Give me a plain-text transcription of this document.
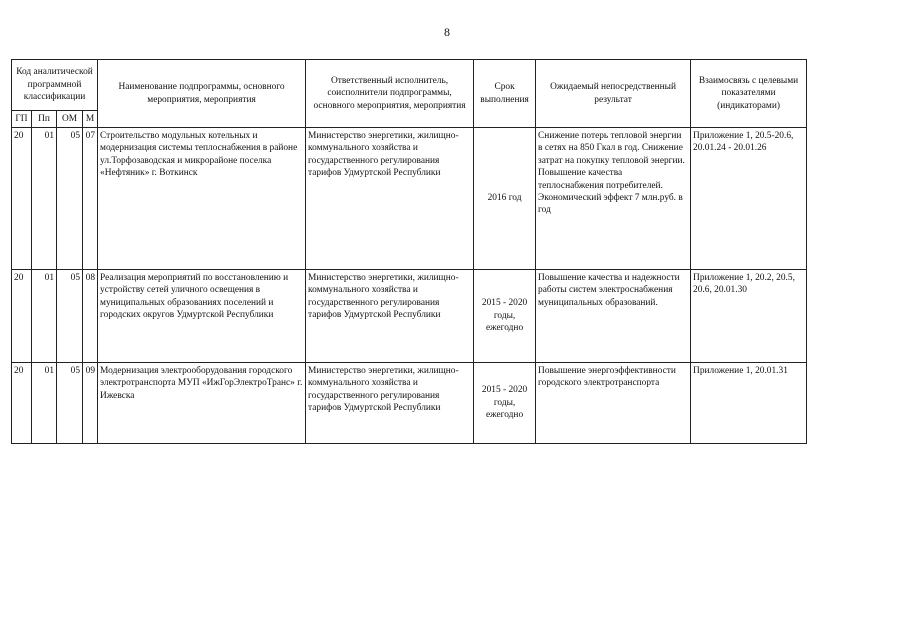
8
Код аналитической программной классификации				Наименование подпрограммы, основного мероприятия, мероприятия	Ответственный исполнитель, соисполнители подпрограммы, основного мероприятия, мероприятия	Срок выполнения	Ожидаемый непосредственный результат	Взаимосвязь с целевыми показателями (индикаторами)
ГП	Пп	ОМ	М					
20	01	05	07	Строительство модульных котельных и модернизация системы теплоснабжения в районе ул.Торфозаводская и микрорайоне поселка «Нефтяник» г. Воткинск	Министерство энергетики, жилищно-коммунального хозяйства и государственного регулирования тарифов Удмуртской Республики	2016 год	Снижение потерь тепловой энергии в сетях на 850 Гкал в год. Снижение затрат на покупку тепловой энергии. Повышение качества теплоснабжения потребителей. Экономический эффект 7 млн.руб. в год	Приложение 1, 20.5-20.6, 20.01.24 - 20.01.26
20	01	05	08	Реализация мероприятий по восстановлению и устройству сетей уличного освещения в муниципальных образованиях поселений и городских округов Удмуртской Республики	Министерство энергетики, жилищно-коммунального хозяйства и государственного регулирования тарифов Удмуртской Республики	2015 - 2020 годы, ежегодно	Повышение качества и надежности работы систем электроснабжения муниципальных образований.	Приложение 1, 20.2, 20.5, 20.6, 20.01.30
20	01	05	09	Модернизация электрооборудования городского электротранспорта МУП «ИжГорЭлектроТранс» г. Ижевска	Министерство энергетики, жилищно-коммунального хозяйства и государственного регулирования тарифов Удмуртской Республики	2015 - 2020 годы, ежегодно	Повышение энергоэффективности городского электротранспорта	Приложение 1, 20.01.31
